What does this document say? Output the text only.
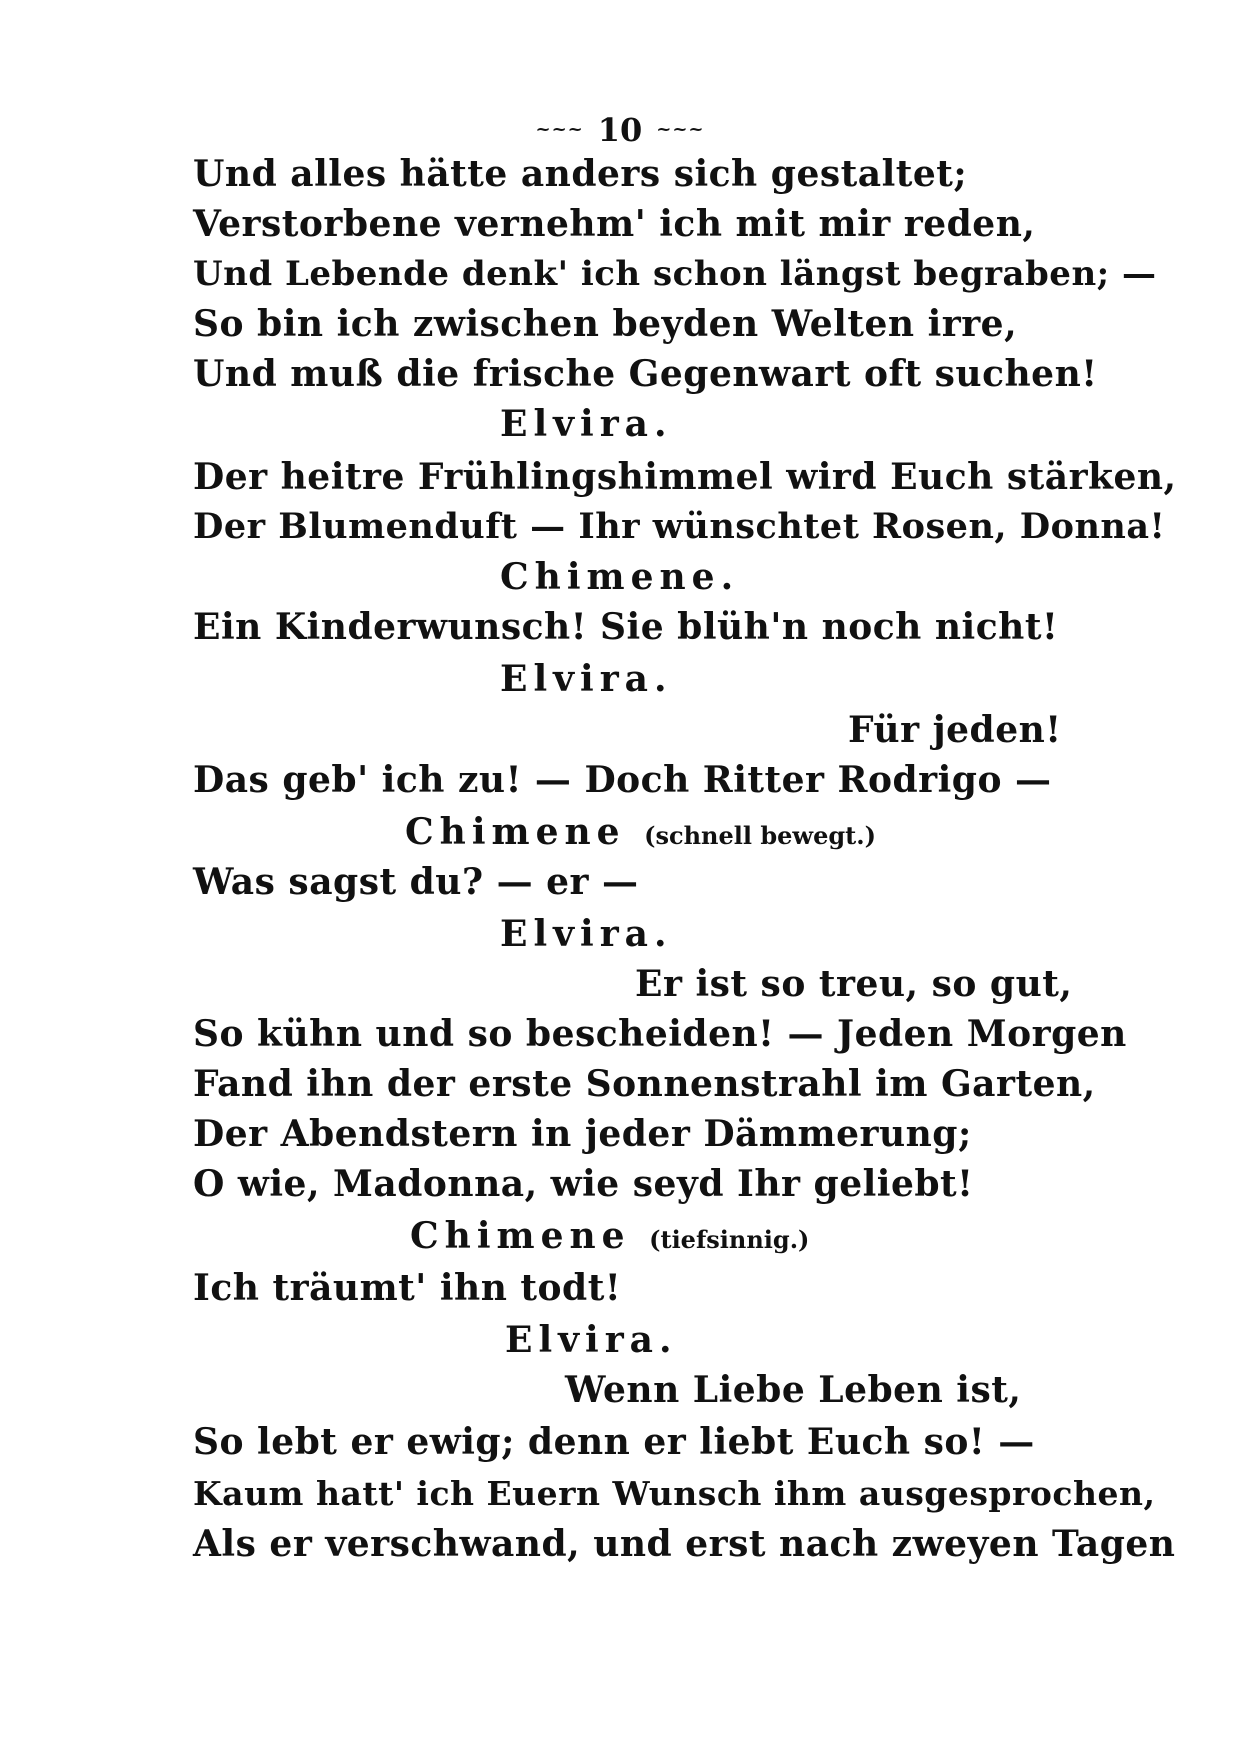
~~~ 10 ~~~
Und alles hätte anders sich gestaltet;
Verstorbene vernehm' ich mit mir reden,
Und Lebende denk' ich schon längst begraben; —
So bin ich zwischen beyden Welten irre,
Und muß die frische Gegenwart oft suchen!
Elvira.
Der heitre Frühlingshimmel wird Euch stärken,
Der Blumenduft — Ihr wünschtet Rosen, Donna!
Chimene.
Ein Kinderwunsch! Sie blüh'n noch nicht!
Elvira.
Für jeden!
Das geb' ich zu! — Doch Ritter Rodrigo —
Chimene (schnell bewegt.)
Was sagst du? — er —
Elvira.
Er ist so treu, so gut,
So kühn und so bescheiden! — Jeden Morgen
Fand ihn der erste Sonnenstrahl im Garten,
Der Abendstern in jeder Dämmerung;
O wie, Madonna, wie seyd Ihr geliebt!
Chimene (tiefsinnig.)
Ich träumt' ihn todt!
Elvira.
Wenn Liebe Leben ist,
So lebt er ewig; denn er liebt Euch so! —
Kaum hatt' ich Euern Wunsch ihm ausgesprochen,
Als er verschwand, und erst nach zweyen Tagen
